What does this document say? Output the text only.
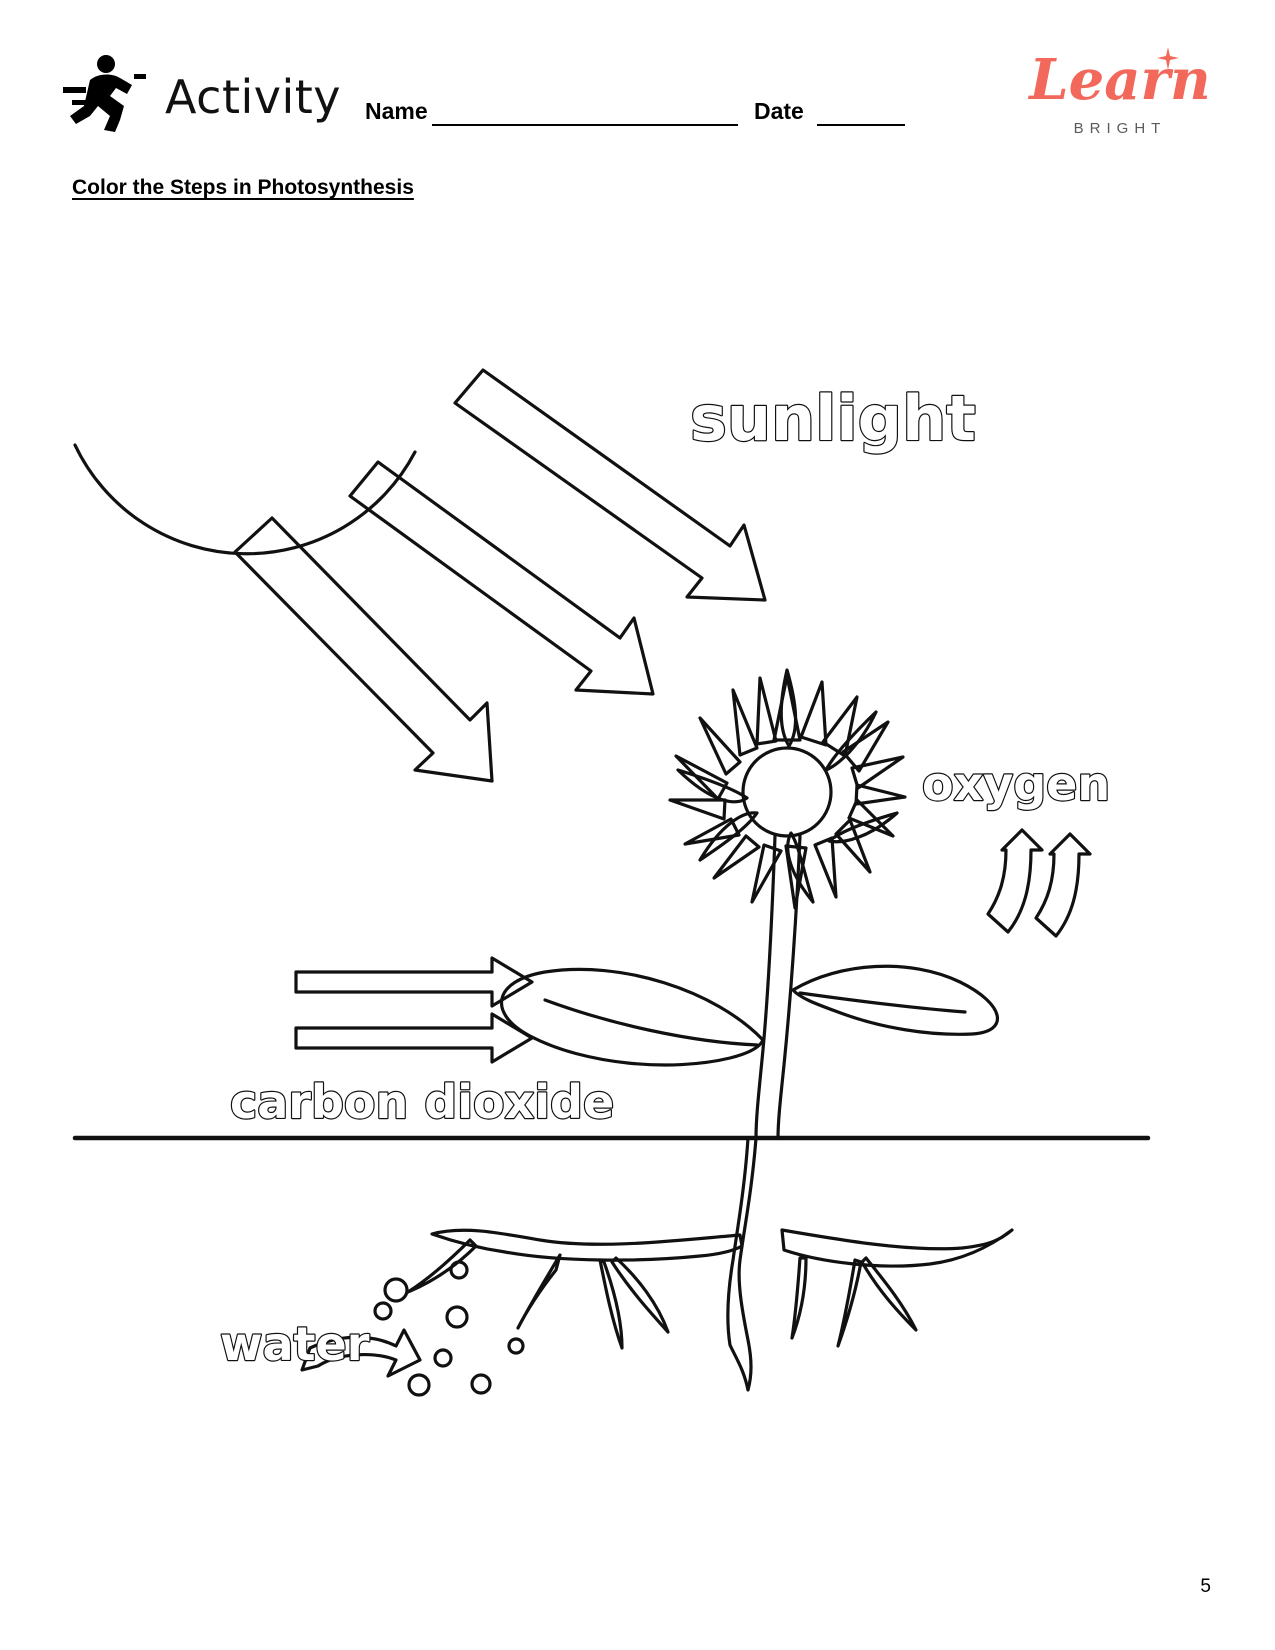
Activity Name	Date	Learn
BRIGHT
Color the Steps in Photosynthesis
sunlight
oxygen
carbon dioxide
water
5
